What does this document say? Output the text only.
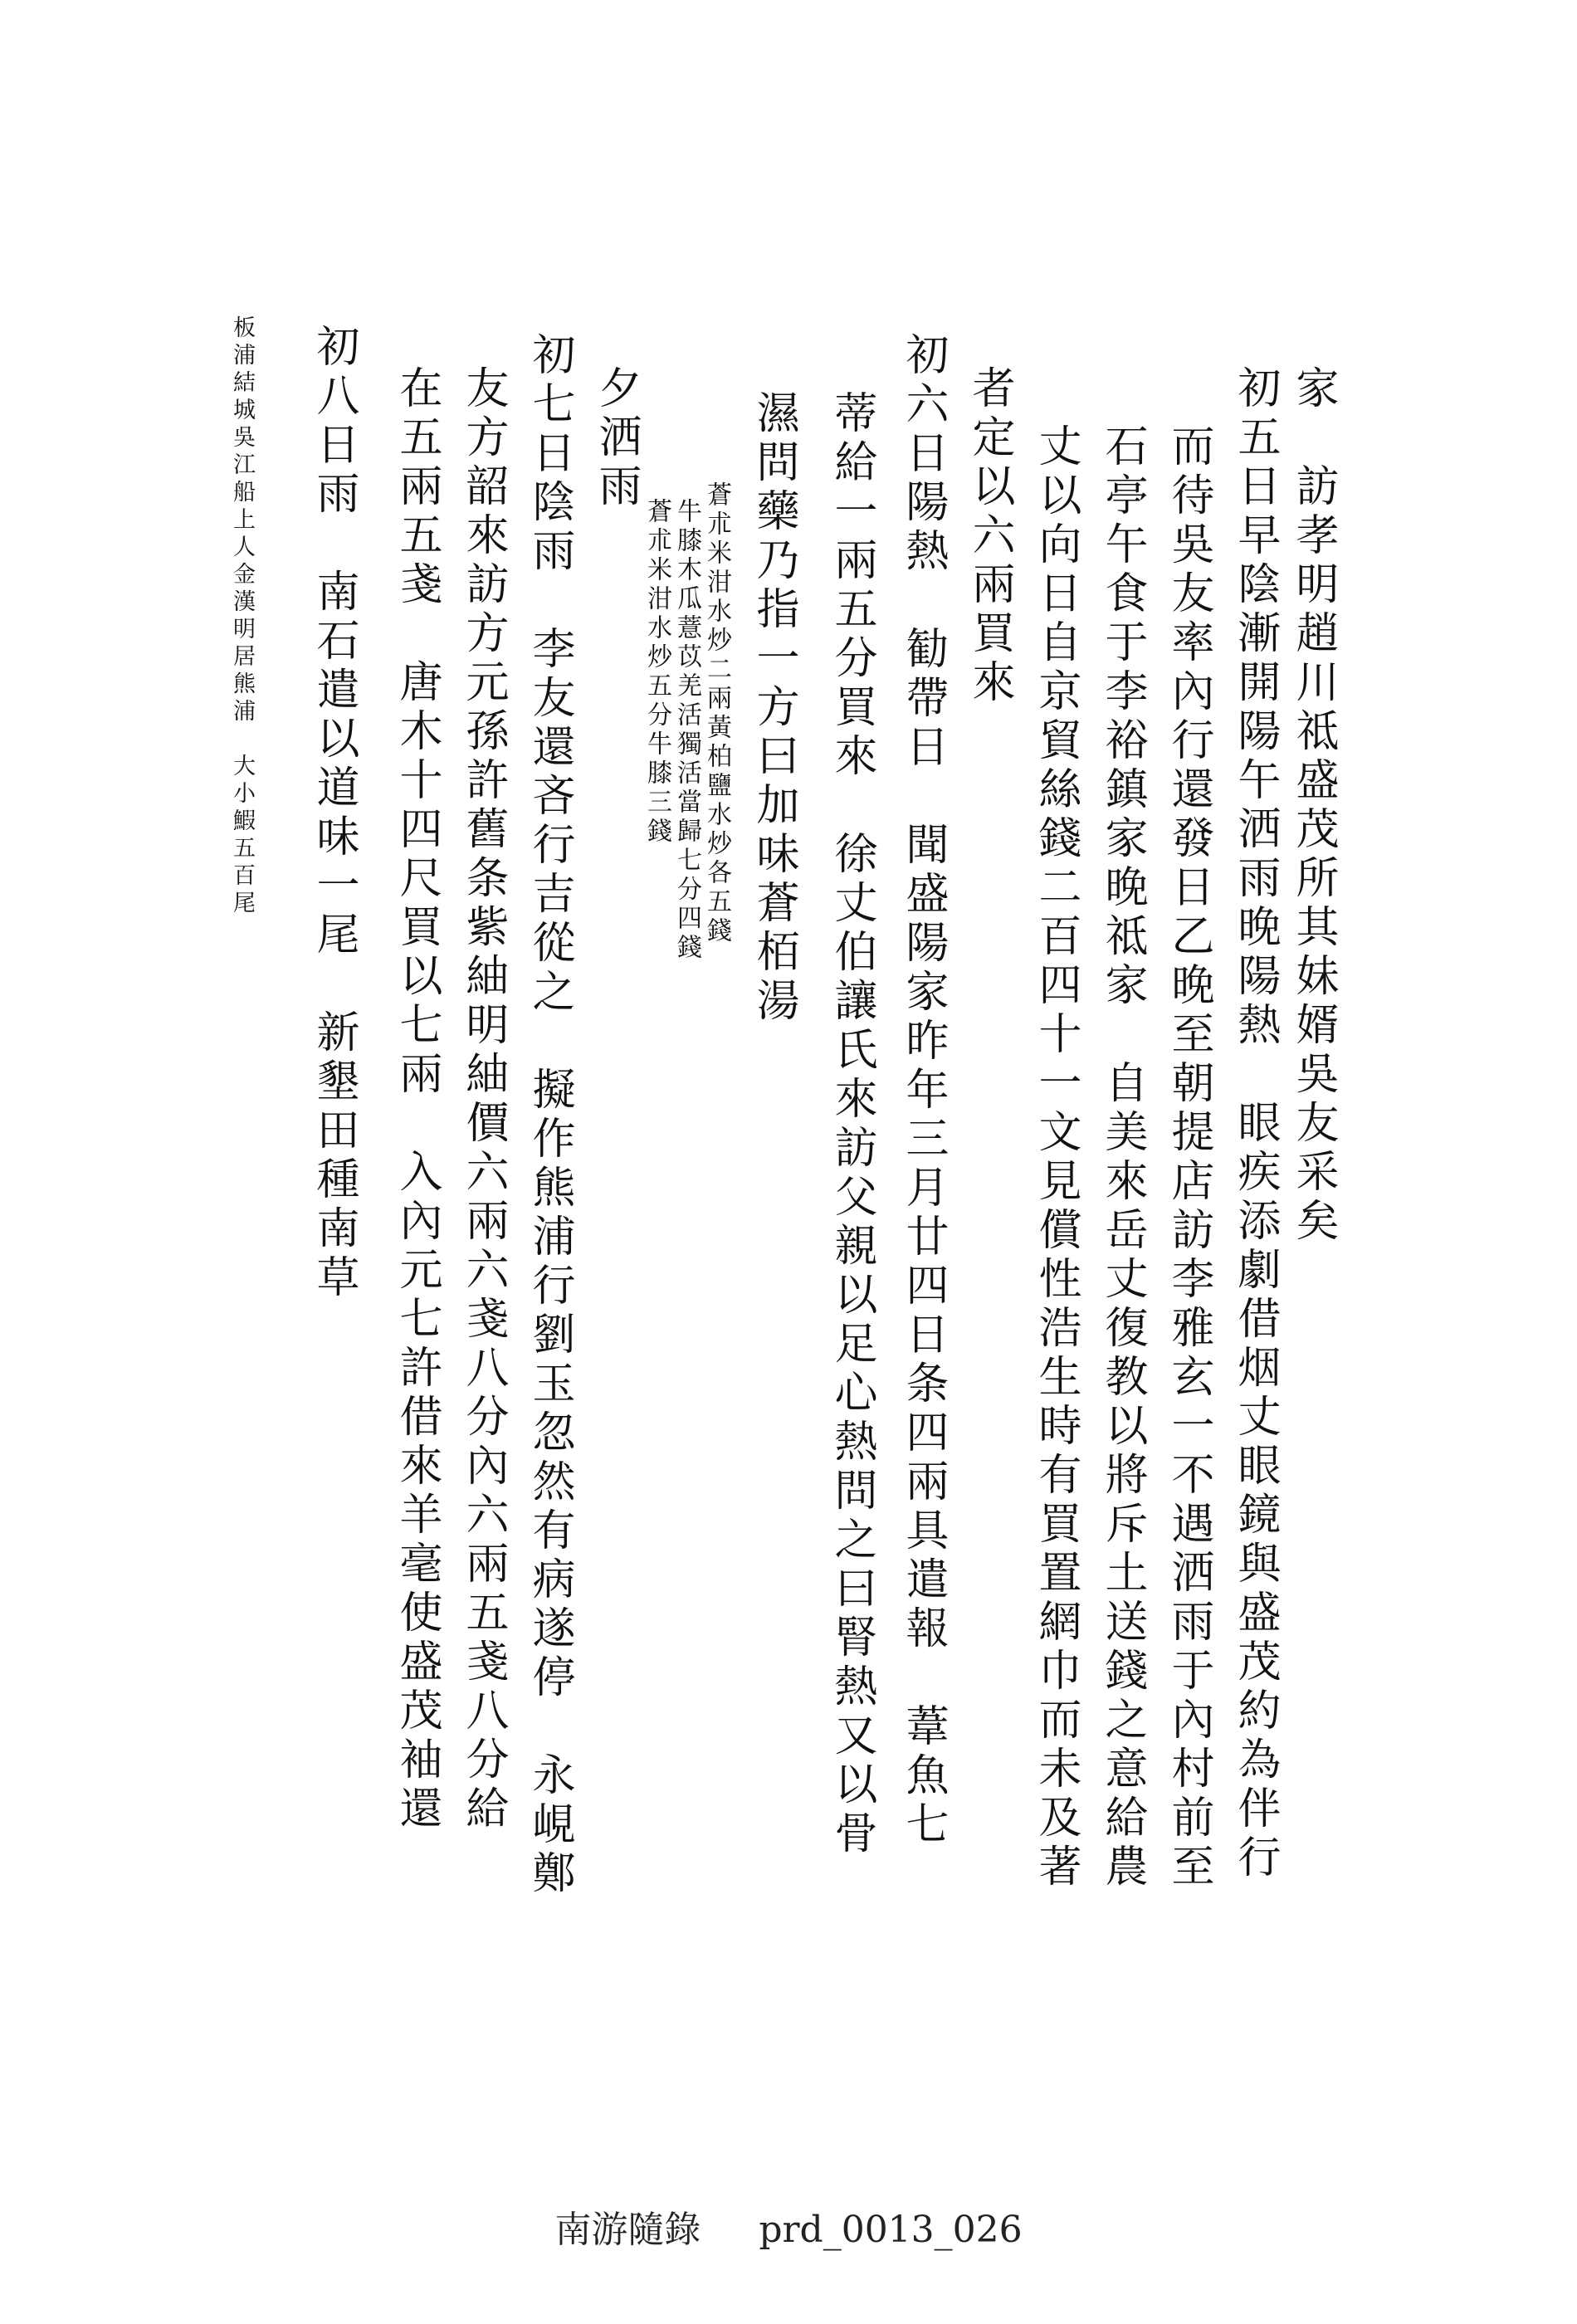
家　訪孝明趙川祗盛茂所其妹婿吳友采矣
初五日早陰漸開陽午洒雨晚陽熱　眼疾添劇借烟丈眼鏡與盛茂約為伴行
而待吳友率內行還發日乙晚至朝提店訪李雅玄一不遇洒雨于內村前至
石亭午食于李裕鎮家晚祗家　自美來岳丈復教以將斥土送錢之意給農
丈以向日自京貿絲錢二百四十一文見償性浩生時有買置網巾而未及著
者定以六兩買來
初六日陽熱　勧帶日　聞盛陽家昨年三月廿四日条四兩具遣報　葦魚七
蒂給一兩五分買來　徐丈伯讓氏來訪父親以足心熱問之曰腎熱又以骨
濕問藥乃指一方曰加味蒼栢湯
蒼朮米泔水炒二兩黃柏鹽水炒各五錢
牛膝木瓜薏苡羌活獨活當歸七分四錢
蒼朮米泔水炒五分牛膝三錢
初七日陰雨　李友還吝行吉從之　擬作熊浦行劉玉忽然有病遂停　永峴鄭
友方韶來訪方元孫許舊条紫紬明紬價六兩六戔八分內六兩五戔八分給
在五兩五戔　唐木十四尺買以七兩　入內元七許借來羊毫使盛茂袖還	夕洒雨
初八日雨　南石遣以道味一尾　新墾田種南草
板浦結城吳江船上人金漢明居熊浦　大小鰕五百尾
南游隨錄 prd_0013_026
